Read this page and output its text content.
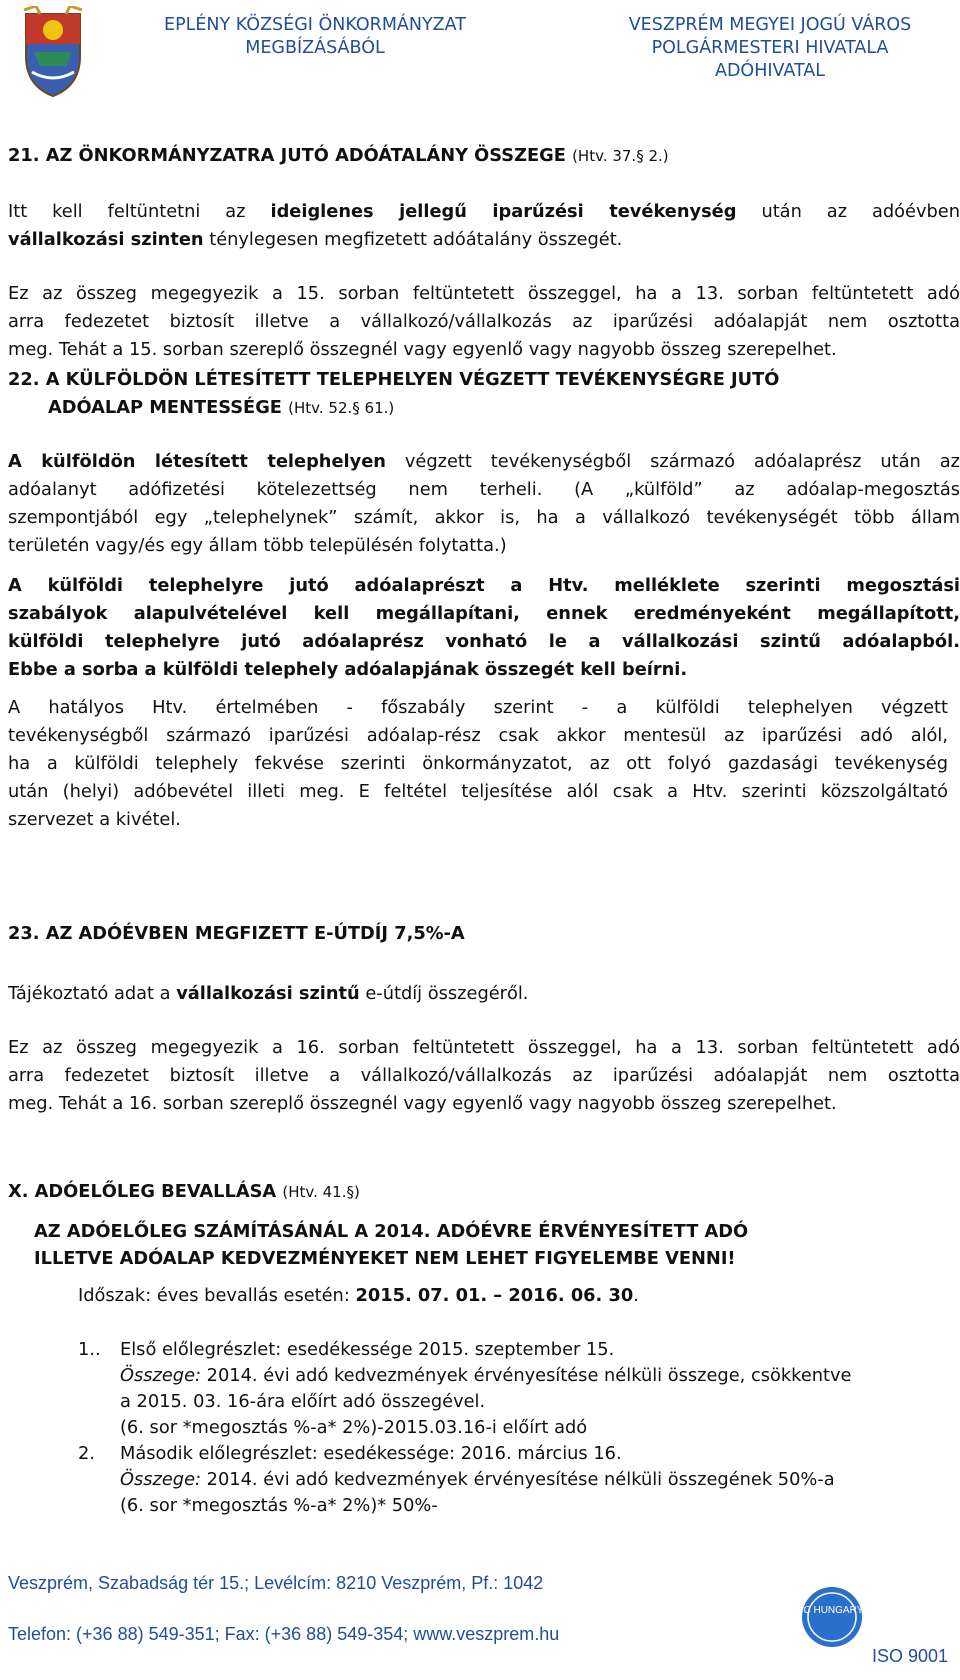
EPLÉNY KÖZSÉGI ÖNKORMÁNYZAT
MEGBÍZÁSÁBÓL
VESZPRÉM MEGYEI JOGÚ VÁROS
POLGÁRMESTERI HIVATALA
ADÓHIVATAL
21. AZ ÖNKORMÁNYZATRA JUTÓ ADÓÁTALÁNY ÖSSZEGE (Htv. 37.§ 2.)
Itt kell feltüntetni az ideiglenes jellegű iparűzési tevékenység után az adóévben
vállalkozási szinten ténylegesen megfizetett adóátalány összegét.
Ez az összeg megegyezik a 15. sorban feltüntetett összeggel, ha a 13. sorban feltüntetett adó
arra fedezetet biztosít illetve a vállalkozó/vállalkozás az iparűzési adóalapját nem osztotta
meg. Tehát a 15. sorban szereplő összegnél vagy egyenlő vagy nagyobb összeg szerepelhet.
22. A KÜLFÖLDÖN LÉTESÍTETT TELEPHELYEN VÉGZETT TEVÉKENYSÉGRE JUTÓ
ADÓALAP MENTESSÉGE (Htv. 52.§ 61.)
A külföldön létesített telephelyen végzett tevékenységből származó adóalaprész után az
adóalanyt adófizetési kötelezettség nem terheli. (A „külföld” az adóalap-megosztás
szempontjából egy „telephelynek” számít, akkor is, ha a vállalkozó tevékenységét több állam
területén vagy/és egy állam több településén folytatta.)
A külföldi telephelyre jutó adóalaprészt a Htv. melléklete szerinti megosztási
szabályok alapulvételével kell megállapítani, ennek eredményeként megállapított,
külföldi telephelyre jutó adóalaprész vonható le a vállalkozási szintű adóalapból.
Ebbe a sorba a külföldi telephely adóalapjának összegét kell beírni.
A hatályos Htv. értelmében - főszabály szerint - a külföldi telephelyen végzett
tevékenységből származó iparűzési adóalap-rész csak akkor mentesül az iparűzési adó alól,
ha a külföldi telephely fekvése szerinti önkormányzatot, az ott folyó gazdasági tevékenység
után (helyi) adóbevétel illeti meg. E feltétel teljesítése alól csak a Htv. szerinti közszolgáltató
szervezet a kivétel.
23. AZ ADÓÉVBEN MEGFIZETT E-ÚTDÍJ 7,5%-A
Tájékoztató adat a vállalkozási szintű e-útdíj összegéről.
Ez az összeg megegyezik a 16. sorban feltüntetett összeggel, ha a 13. sorban feltüntetett adó
arra fedezetet biztosít illetve a vállalkozó/vállalkozás az iparűzési adóalapját nem osztotta
meg. Tehát a 16. sorban szereplő összegnél vagy egyenlő vagy nagyobb összeg szerepelhet.
X. ADÓELŐLEG BEVALLÁSA (Htv. 41.§)
AZ ADÓELŐLEG SZÁMÍTÁSÁNÁL A 2014. ADÓÉVRE ÉRVÉNYESÍTETT ADÓ
ILLETVE ADÓALAP KEDVEZMÉNYEKET NEM LEHET FIGYELEMBE VENNI!
Időszak: éves bevallás esetén: 2015. 07. 01. – 2016. 06. 30.
1.. Első előlegrészlet: esedékessége 2015. szeptember 15.
Összege: 2014. évi adó kedvezmények érvényesítése nélküli összege, csökkentve
a 2015. 03. 16-ára előírt adó összegével.
(6. sor *megosztás %-a* 2%)-2015.03.16-i előírt adó
2. Második előlegrészlet: esedékessége: 2016. március 16.
Összege: 2014. évi adó kedvezmények érvényesítése nélküli összegének 50%-a
(6. sor *megosztás %-a* 2%)* 50%-
Veszprém, Szabadság tér 15.; Levélcím: 8210 Veszprém, Pf.: 1042
Telefon: (+36 88) 549-351; Fax: (+36 88) 549-354; www.veszprem.hu
IC HUNGARY
ISO 9001
